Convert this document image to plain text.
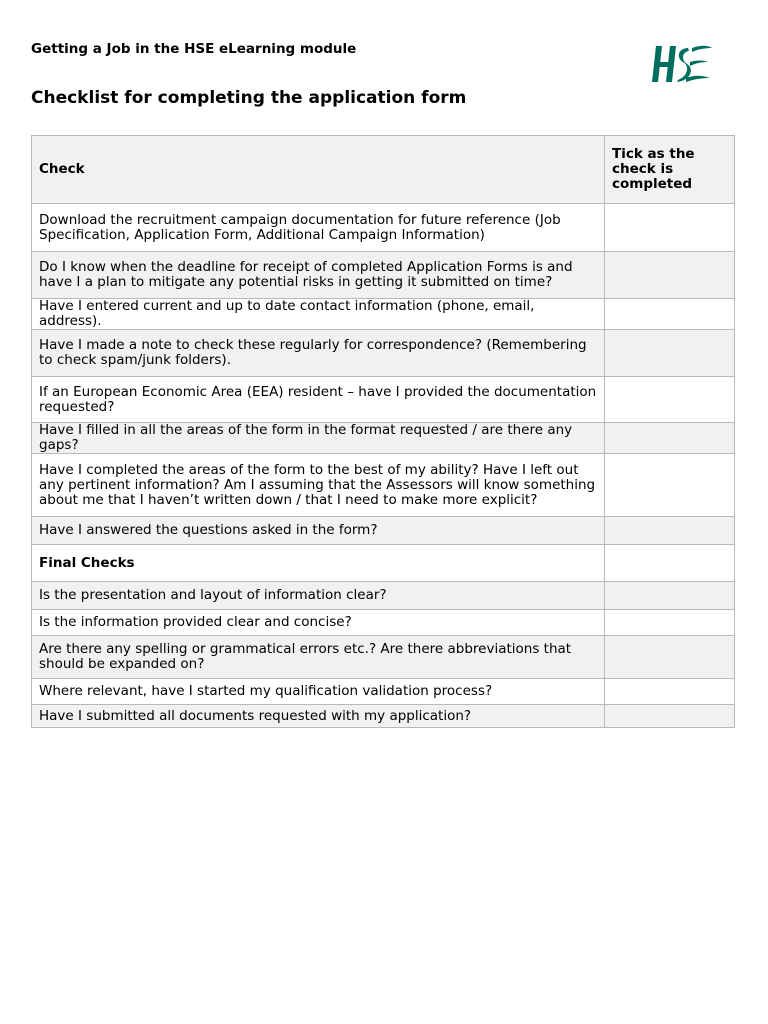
Getting a Job in the HSE eLearning module
Checklist for completing the application form
Check	Tick as the check is completed
Download the recruitment campaign documentation for future reference (Job Specification, Application Form, Additional Campaign Information)	
Do I know when the deadline for receipt of completed Application Forms is and have I a plan to mitigate any potential risks in getting it submitted on time?	
Have I entered current and up to date contact information (phone, email, address).	
Have I made a note to check these regularly for correspondence? (Remembering to check spam/junk folders).	
If an European Economic Area (EEA) resident – have I provided the documentation requested?	
Have I filled in all the areas of the form in the format requested / are there any gaps?	
Have I completed the areas of the form to the best of my ability? Have I left out any pertinent information? Am I assuming that the Assessors will know something about me that I haven’t written down / that I need to make more explicit?	
Have I answered the questions asked in the form?	
Final Checks	
Is the presentation and layout of information clear?	
Is the information provided clear and concise?	
Are there any spelling or grammatical errors etc.? Are there abbreviations that should be expanded on?	
Where relevant, have I started my qualification validation process?	
Have I submitted all documents requested with my application?	
